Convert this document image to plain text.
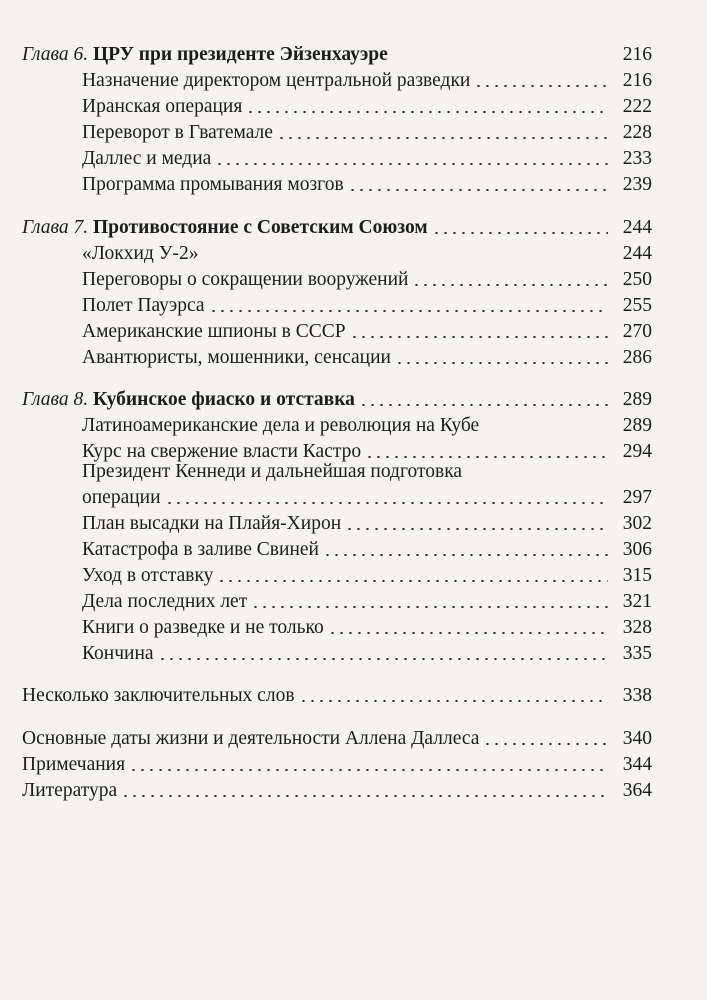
Глава 6. ЦРУ при президенте Эйзенхауэре	216
Назначение директором центральной разведки	216
Иранская операция	222
Переворот в Гватемале	228
Даллес и медиа	233
Программа промывания мозгов	239
Глава 7. Противостояние с Советским Союзом	244
«Локхид У-2»	244
Переговоры о сокращении вооружений	250
Полет Пауэрса	255
Американские шпионы в СССР	270
Авантюристы, мошенники, сенсации	286
Глава 8. Кубинское фиаско и отставка	289
Латиноамериканские дела и революция на Кубе	289
Курс на свержение власти Кастро	294
Президент Кеннеди и дальнейшая подготовка
операции	297
План высадки на Плайя-Хирон	302
Катастрофа в заливе Свиней	306
Уход в отставку	315
Дела последних лет	321
Книги о разведке и не только	328
Кончина	335
Несколько заключительных слов	338
Основные даты жизни и деятельности Аллена Даллеса	340
Примечания	344
Литература	364
